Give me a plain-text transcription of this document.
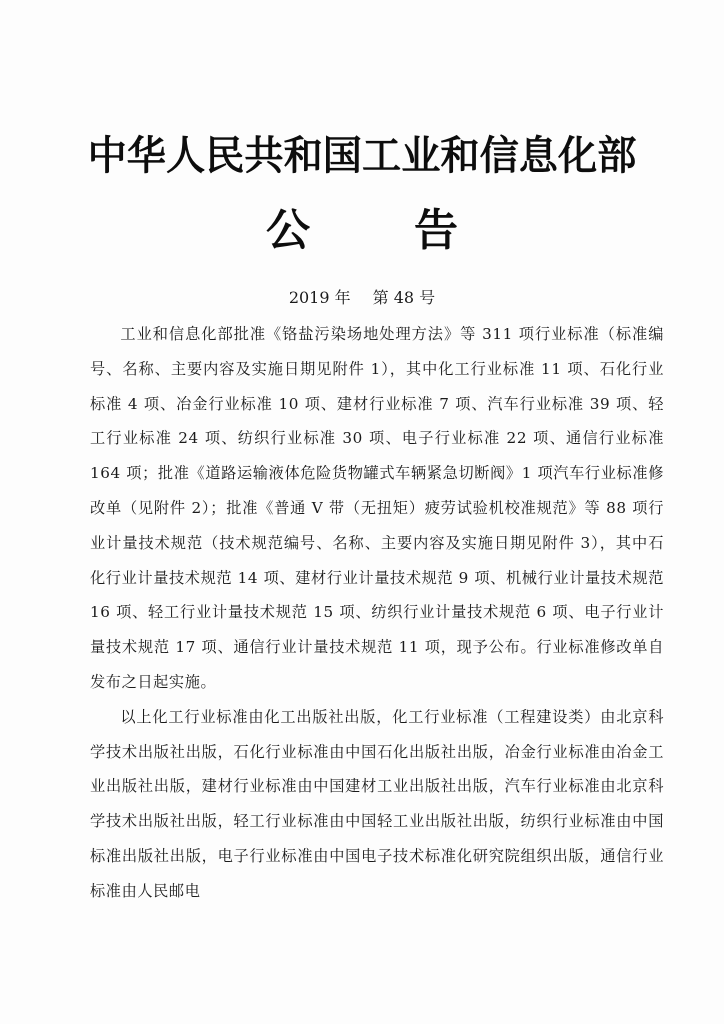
中华人民共和国工业和信息化部
公 告
2019 年 第 48 号

工业和信息化部批准《铬盐污染场地处理方法》等 311 项行业标准（标准编号、名称、主要内容及实施日期见附件 1），其中化工行业标准 11 项、石化行业标准 4 项、冶金行业标准 10 项、建材行业标准 7 项、汽车行业标准 39 项、轻工行业标准 24 项、纺织行业标准 30 项、电子行业标准 22 项、通信行业标准 164 项；批准《道路运输液体危险货物罐式车辆紧急切断阀》1 项汽车行业标准修改单（见附件 2）；批准《普通 V 带（无扭矩）疲劳试验机校准规范》等 88 项行业计量技术规范（技术规范编号、名称、主要内容及实施日期见附件 3），其中石化行业计量技术规范 14 项、建材行业计量技术规范 9 项、机械行业计量技术规范 16 项、轻工行业计量技术规范 15 项、纺织行业计量技术规范 6 项、电子行业计量技术规范 17 项、通信行业计量技术规范 11 项，现予公布。行业标准修改单自发布之日起实施。

以上化工行业标准由化工出版社出版，化工行业标准（工程建设类）由北京科学技术出版社出版，石化行业标准由中国石化出版社出版，冶金行业标准由冶金工业出版社出版，建材行业标准由中国建材工业出版社出版，汽车行业标准由北京科学技术出版社出版，轻工行业标准由中国轻工业出版社出版，纺织行业标准由中国标准出版社出版，电子行业标准由中国电子技术标准化研究院组织出版，通信行业标准由人民邮电
